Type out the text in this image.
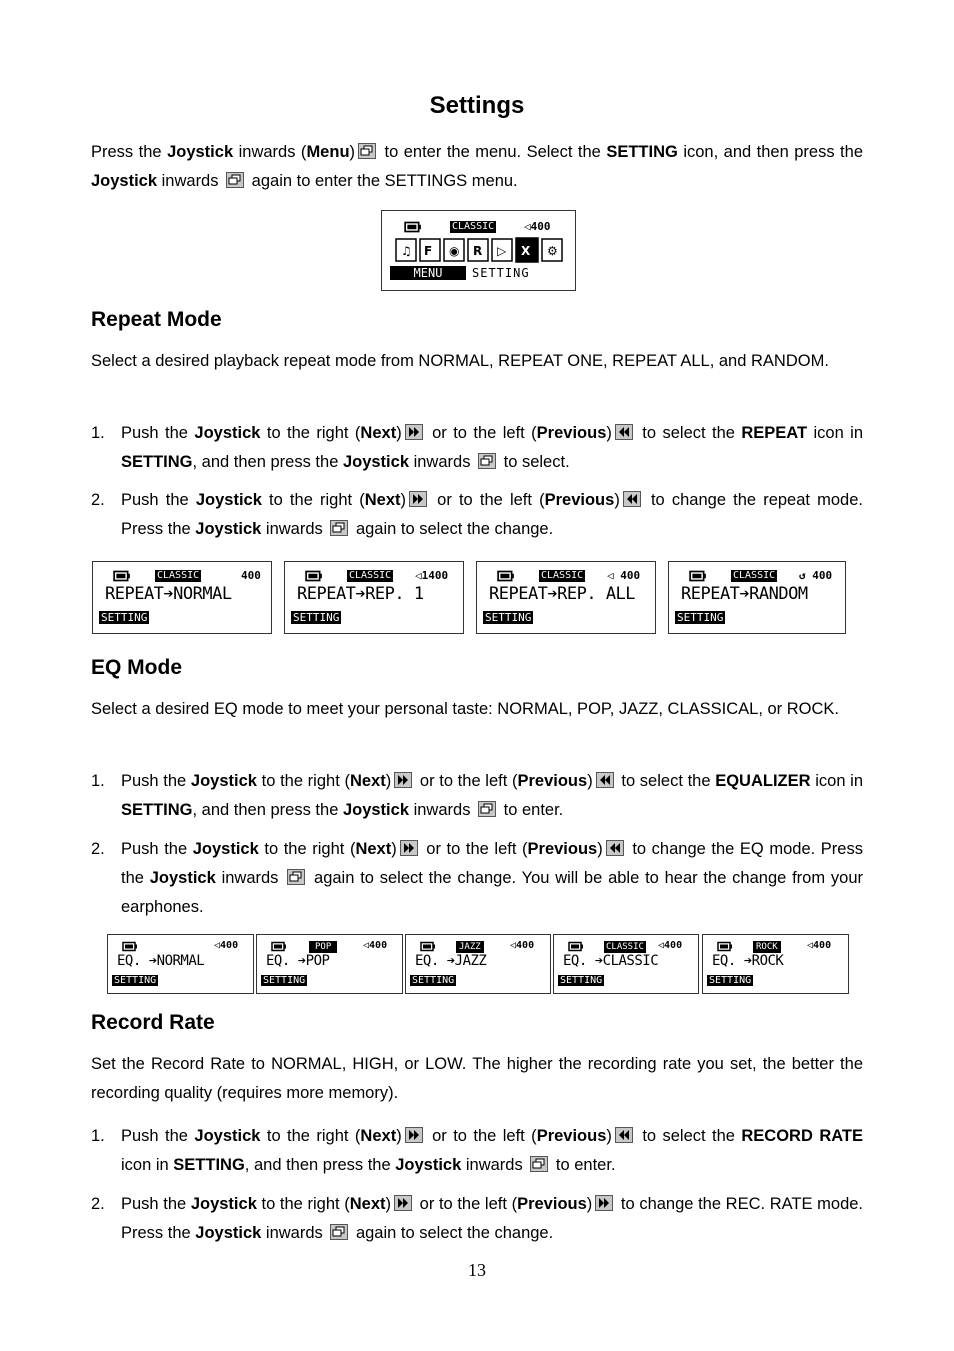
Settings
Press the Joystick inwards (Menu) to enter the menu. Select the SETTING icon, and then press the Joystick inwards  again to enter the SETTINGS menu.
CLASSIC	◁400
♫ F ◉ R ▷	⚙
X
MENU	SETTING
Repeat Mode
Select a desired playback repeat mode from NORMAL, REPEAT ONE, REPEAT ALL, and RANDOM.
1. Push the Joystick to the right (Next) or to the left (Previous) to select the REPEAT icon in SETTING, and then press the Joystick inwards  to select.
2. Push the Joystick to the right (Next) or to the left (Previous) to change the repeat mode. Press the Joystick inwards  again to select the change.
CLASSIC	400
REPEAT➔NORMAL
SETTING
CLASSIC ◁1400
REPEAT➔REP. 1
SETTING
CLASSIC ◁ 400
REPEAT➔REP. ALL
SETTING
CLASSIC ↺ 400
REPEAT➔RANDOM
SETTING
EQ Mode
Select a desired EQ mode to meet your personal taste: NORMAL, POP, JAZZ, CLASSICAL, or ROCK.
1. Push the Joystick to the right (Next) or to the left (Previous) to select the EQUALIZER icon in SETTING, and then press the Joystick inwards  to enter.
2. Push the Joystick to the right (Next) or to the left (Previous) to change the EQ mode. Press the Joystick inwards  again to select the change. You will be able to hear the change from your earphones.
◁400
EQ. ➔NORMAL
SETTING
POP	◁400
EQ. ➔POP
SETTING
JAZZ	◁400
EQ. ➔JAZZ
SETTING
CLASSIC ◁400
EQ. ➔CLASSIC
SETTING
ROCK	◁400
EQ. ➔ROCK
SETTING
Record Rate
Set the Record Rate to NORMAL, HIGH, or LOW. The higher the recording rate you set, the better the recording quality (requires more memory).
1. Push the Joystick to the right (Next) or to the left (Previous) to select the RECORD RATE icon in SETTING, and then press the Joystick inwards  to enter.
2. Push the Joystick to the right (Next) or to the left (Previous) to change the REC. RATE mode. Press the Joystick inwards  again to select the change.
13
